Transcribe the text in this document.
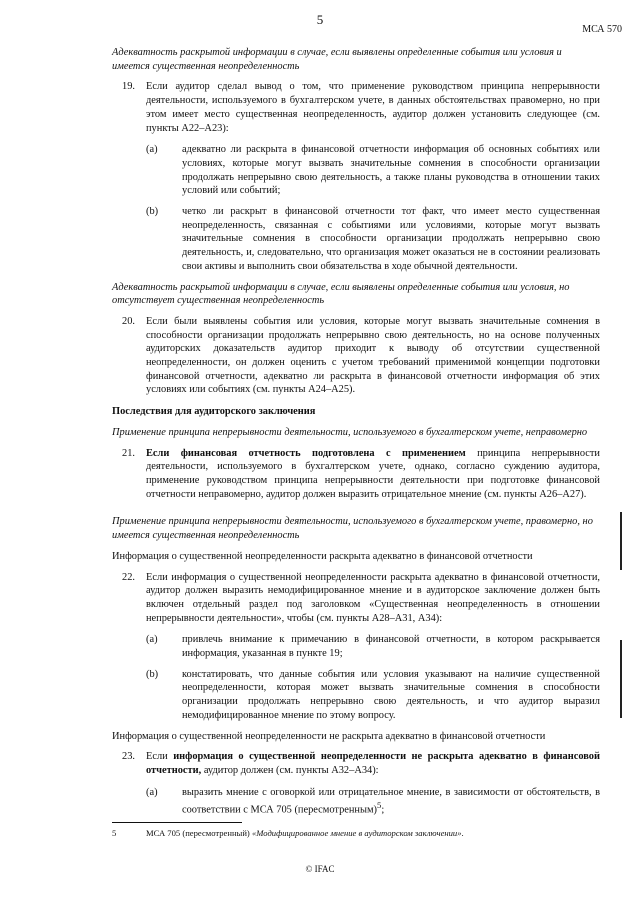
5
МСА 570

Адекватность раскрытой информации в случае, если выявлены определенные события или условия и имеется существенная неопределенность

19.	Если аудитор сделал вывод о том, что применение руководством принципа непрерывности деятельности, используемого в бухгалтерском учете, в данных обстоятельствах правомерно, но при этом имеет место существенная неопределенность, аудитор должен установить следующее (см. пункты А22–А23):
(a)	адекватно ли раскрыта в финансовой отчетности информация об основных событиях или условиях, которые могут вызвать значительные сомнения в способности организации продолжать непрерывно свою деятельность, а также планы руководства в отношении таких условий или событий;
(b)	четко ли раскрыт в финансовой отчетности тот факт, что имеет место существенная неопределенность, связанная с событиями или условиями, которые могут вызвать значительные сомнения в способности организации продолжать непрерывно свою деятельность, и, следовательно, что организация может оказаться не в состоянии реализовать свои активы и выполнить свои обязательства в ходе обычной деятельности.

Адекватность раскрытой информации в случае, если выявлены определенные события или условия, но отсутствует существенная неопределенность

20.	Если были выявлены события или условия, которые могут вызвать значительные сомнения в способности организации продолжать непрерывно свою деятельность, но на основе полученных аудиторских доказательств аудитор приходит к выводу об отсутствии существенной неопределенности, он должен оценить с учетом требований применимой концепции подготовки финансовой отчетности, адекватно ли раскрыта в финансовой отчетности информация об этих условиях или событиях (см. пункты А24–А25).

Последствия для аудиторского заключения

Применение принципа непрерывности деятельности, используемого в бухгалтерском учете, неправомерно

21.	Если финансовая отчетность подготовлена с применением принципа непрерывности деятельности, используемого в бухгалтерском учете, однако, согласно суждению аудитора, применение руководством принципа непрерывности деятельности при подготовке финансовой отчетности неправомерно, аудитор должен выразить отрицательное мнение (см. пункты А26–А27).

Применение принципа непрерывности деятельности, используемого в бухгалтерском учете, правомерно, но имеется существенная неопределенность

Информация о существенной неопределенности раскрыта адекватно в финансовой отчетности

22.	Если информация о существенной неопределенности раскрыта адекватно в финансовой отчетности, аудитор должен выразить немодифицированное мнение и в аудиторское заключение должен быть включен отдельный раздел под заголовком «Существенная неопределенность в отношении непрерывности деятельности», чтобы (см. пункты А28–А31, А34):
(a)	привлечь внимание к примечанию в финансовой отчетности, в котором раскрывается информация, указанная в пункте 19;
(b)	констатировать, что данные события или условия указывают на наличие существенной неопределенности, которая может вызвать значительные сомнения в способности организации продолжать непрерывно свою деятельность, и что аудитор выразил немодифицированное мнение по этому вопросу.

Информация о существенной неопределенности не раскрыта адекватно в финансовой отчетности

23.	Если информация о существенной неопределенности не раскрыта адекватно в финансовой отчетности, аудитор должен (см. пункты А32–А34):
(a)	выразить мнение с оговоркой или отрицательное мнение, в зависимости от обстоятельств, в соответствии с МСА 705 (пересмотренным)$^5$;
5	МСА 705 (пересмотренный) «Модифицированное мнение в аудиторском заключении».
© IFAC
